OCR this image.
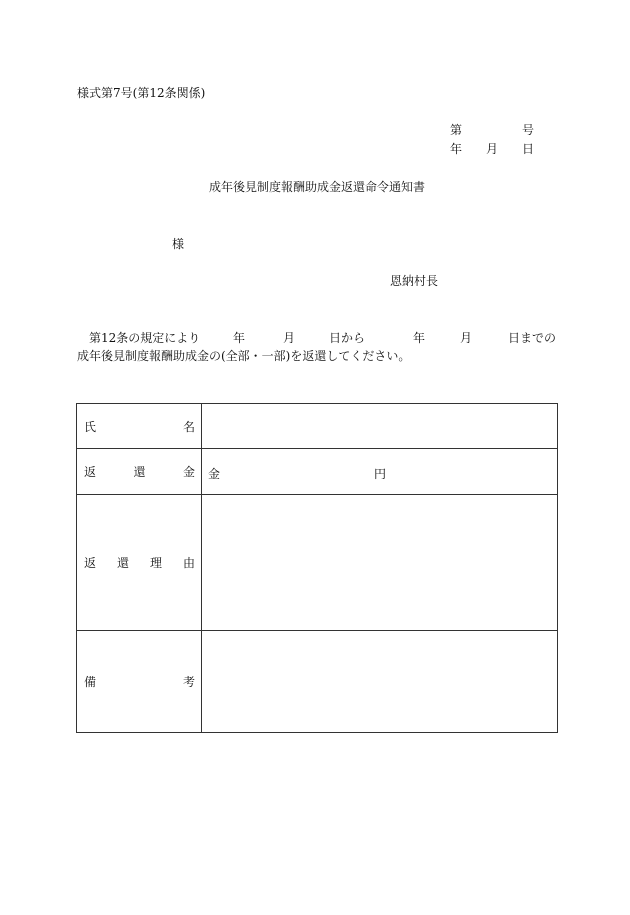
様式第7号(第12条関係)
第	号
年 月 日
成年後見制度報酬助成金返還命令通知書
様
恩納村長
第12条の規定により	年	月	日から	年	月	日までの
成年後見制度報酬助成金の(全部・一部)を返還してください。
氏 名	

返 還 金	金 円

返 還 理 由	

備 考	
